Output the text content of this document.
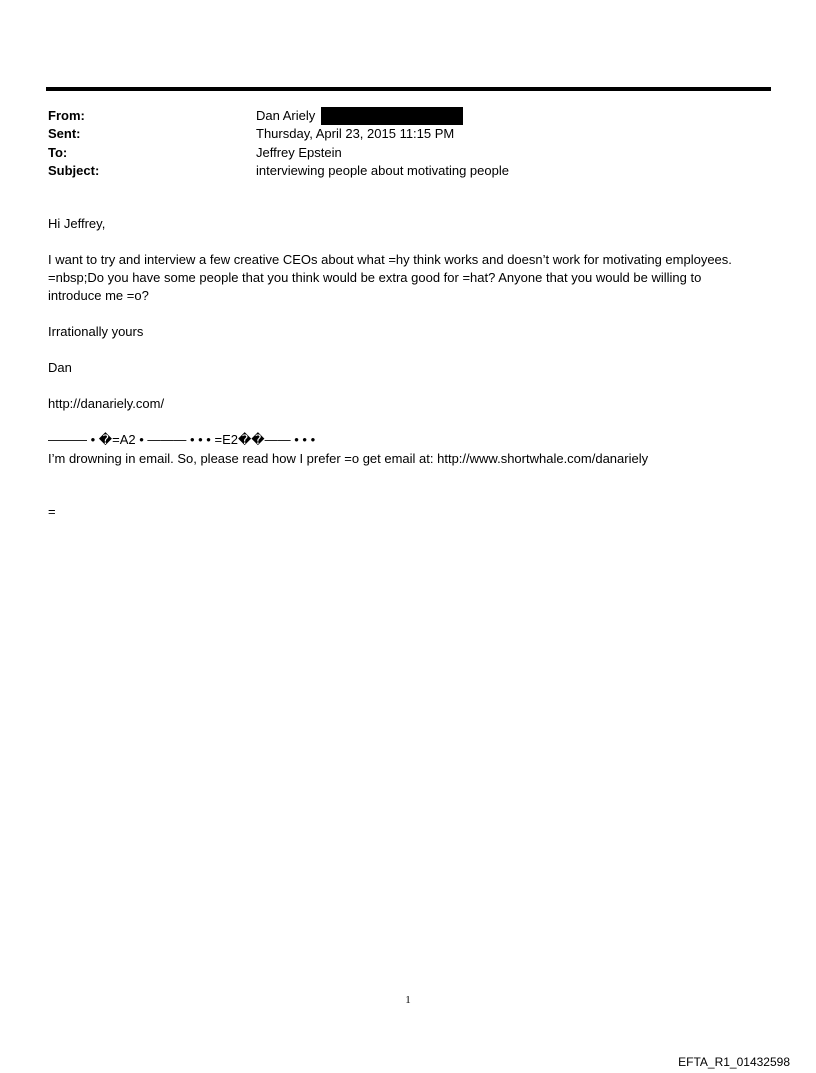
From:	Dan Ariely
Sent:	Thursday, April 23, 2015 11:15 PM
To:	Jeffrey Epstein
Subject:	interviewing people about motivating people
Hi Jeffrey,
I want to try and interview a few creative CEOs about what =hy think works and doesn’t work for motivating employees.
=nbsp;Do you have some people that you think would be extra good for =hat? Anyone that you would be willing to
introduce me =o?
Irrationally yours
Dan
http://danariely.com/
——— • �=A2 • ——— • • • =E2��—— • • •
I’m drowning in email. So, please read how I prefer =o get email at: http://www.shortwhale.com/danariely
=
1
EFTA_R1_01432598
